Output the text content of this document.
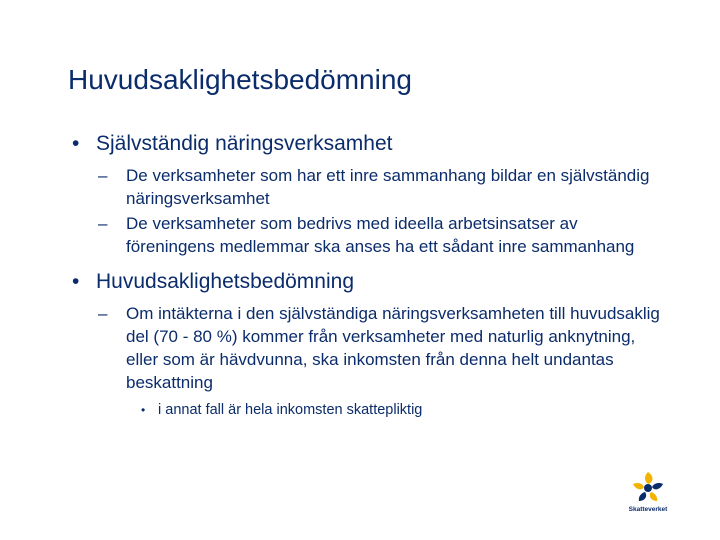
Huvudsaklighetsbedömning
• Självständig näringsverksamhet
– De verksamheter som har ett inre sammanhang bildar en självständig näringsverksamhet
– De verksamheter som bedrivs med ideella arbetsinsatser av föreningens medlemmar ska anses ha ett sådant inre sammanhang
• Huvudsaklighetsbedömning
– Om intäkterna i den självständiga näringsverksamheten till huvudsaklig del (70 - 80 %) kommer från verksamheter med naturlig anknytning, eller som är hävdvunna, ska inkomsten från denna helt undantas beskattning
• i annat fall är hela inkomsten skattepliktig
Skatteverket
